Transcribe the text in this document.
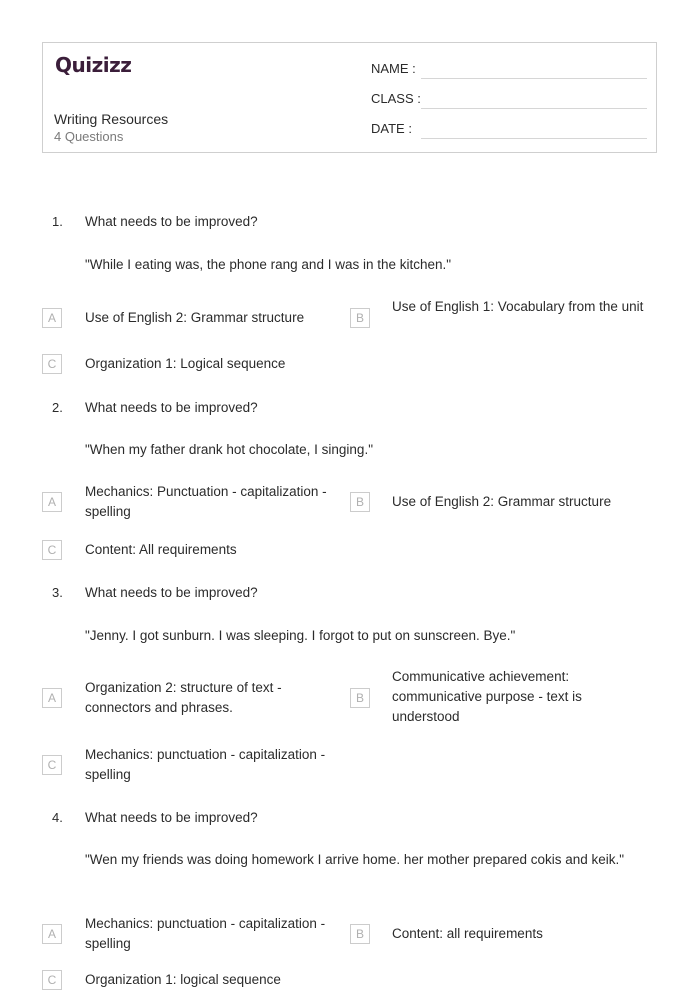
Quizizz
Writing Resources
4 Questions
NAME :
CLASS :
DATE :
1. What needs to be improved?
"While I eating was, the phone rang and I was in the kitchen."
A	Use of English 2: Grammar structure	B
Use of English 1: Vocabulary from the unit
C	Organization 1: Logical sequence
2. What needs to be improved?
"When my father drank hot chocolate, I singing."
A
Mechanics: Punctuation - capitalization - spelling
B	Use of English 2: Grammar structure
C	Content: All requirements
3. What needs to be improved?
"Jenny. I got sunburn. I was sleeping. I forgot to put on sunscreen. Bye."
A
Organization 2: structure of text - connectors and phrases.
B
Communicative achievement: communicative purpose - text is understood
C
Mechanics: punctuation - capitalization - spelling
4. What needs to be improved?
"Wen my friends was doing homework I arrive home. her mother prepared cokis and keik."
A
Mechanics: punctuation - capitalization - spelling
B	Content: all requirements
C	Organization 1: logical sequence
